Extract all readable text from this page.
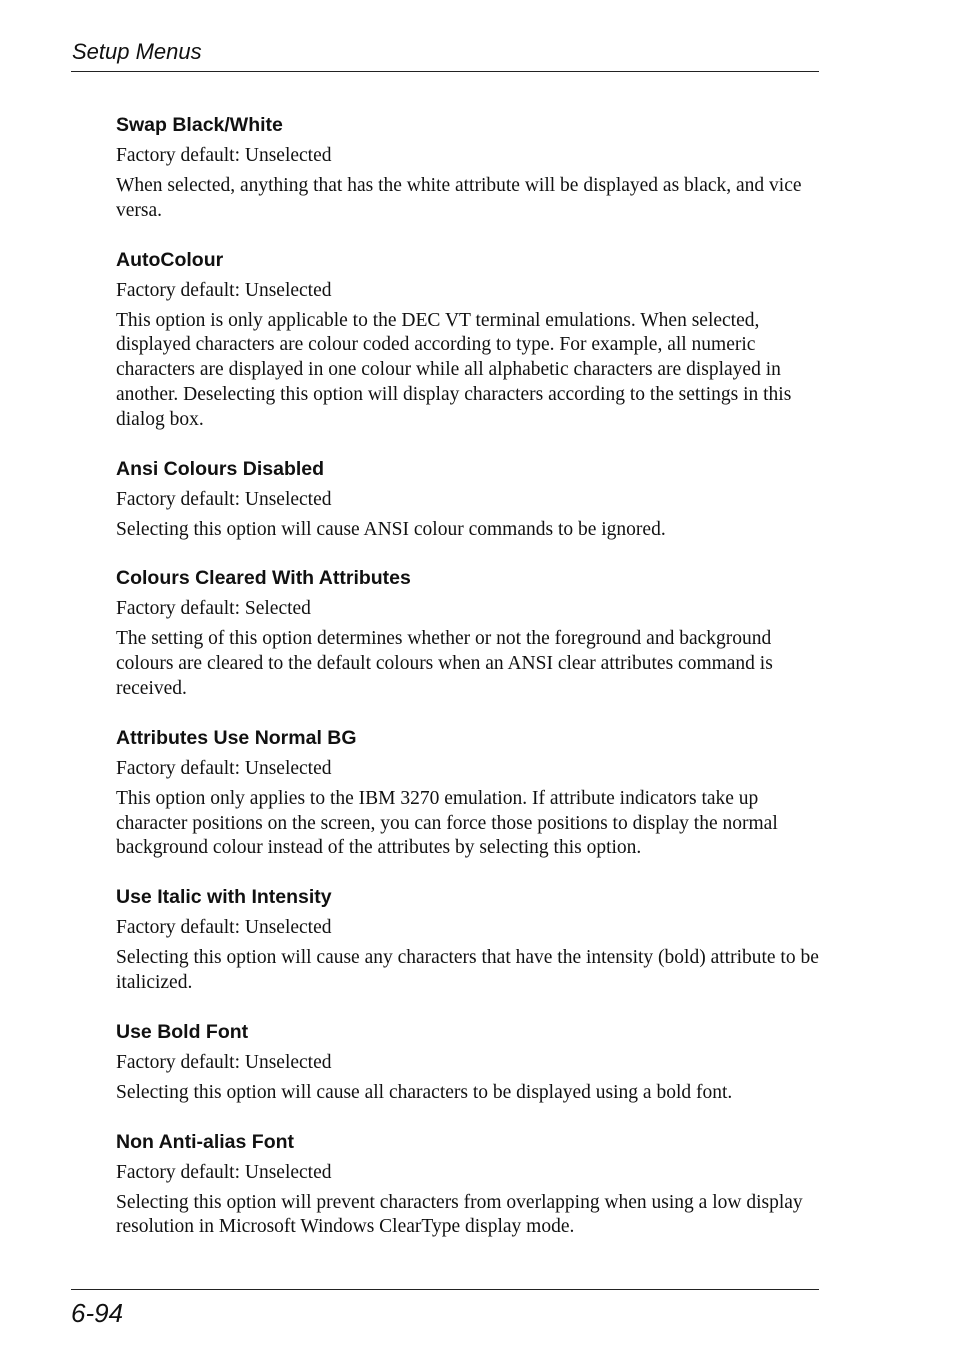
Setup Menus
Swap Black/White
Factory default: Unselected
When selected, anything that has the white attribute will be displayed as black, and vice versa.
AutoColour
Factory default: Unselected
This option is only applicable to the DEC VT terminal emulations. When selected, displayed characters are colour coded according to type. For example, all numeric characters are displayed in one colour while all alphabetic characters are displayed in another. Deselecting this option will display characters according to the settings in this dialog box.
Ansi Colours Disabled
Factory default: Unselected
Selecting this option will cause ANSI colour commands to be ignored.
Colours Cleared With Attributes
Factory default: Selected
The setting of this option determines whether or not the foreground and background colours are cleared to the default colours when an ANSI clear attributes command is received.
Attributes Use Normal BG
Factory default: Unselected
This option only applies to the IBM 3270 emulation. If attribute indicators take up character positions on the screen, you can force those positions to display the normal background colour instead of the attributes by selecting this option.
Use Italic with Intensity
Factory default: Unselected
Selecting this option will cause any characters that have the intensity (bold) attribute to be italicized.
Use Bold Font
Factory default: Unselected
Selecting this option will cause all characters to be displayed using a bold font.
Non Anti-alias Font
Factory default: Unselected
Selecting this option will prevent characters from overlapping when using a low display resolution in Microsoft Windows ClearType display mode.
6-94
